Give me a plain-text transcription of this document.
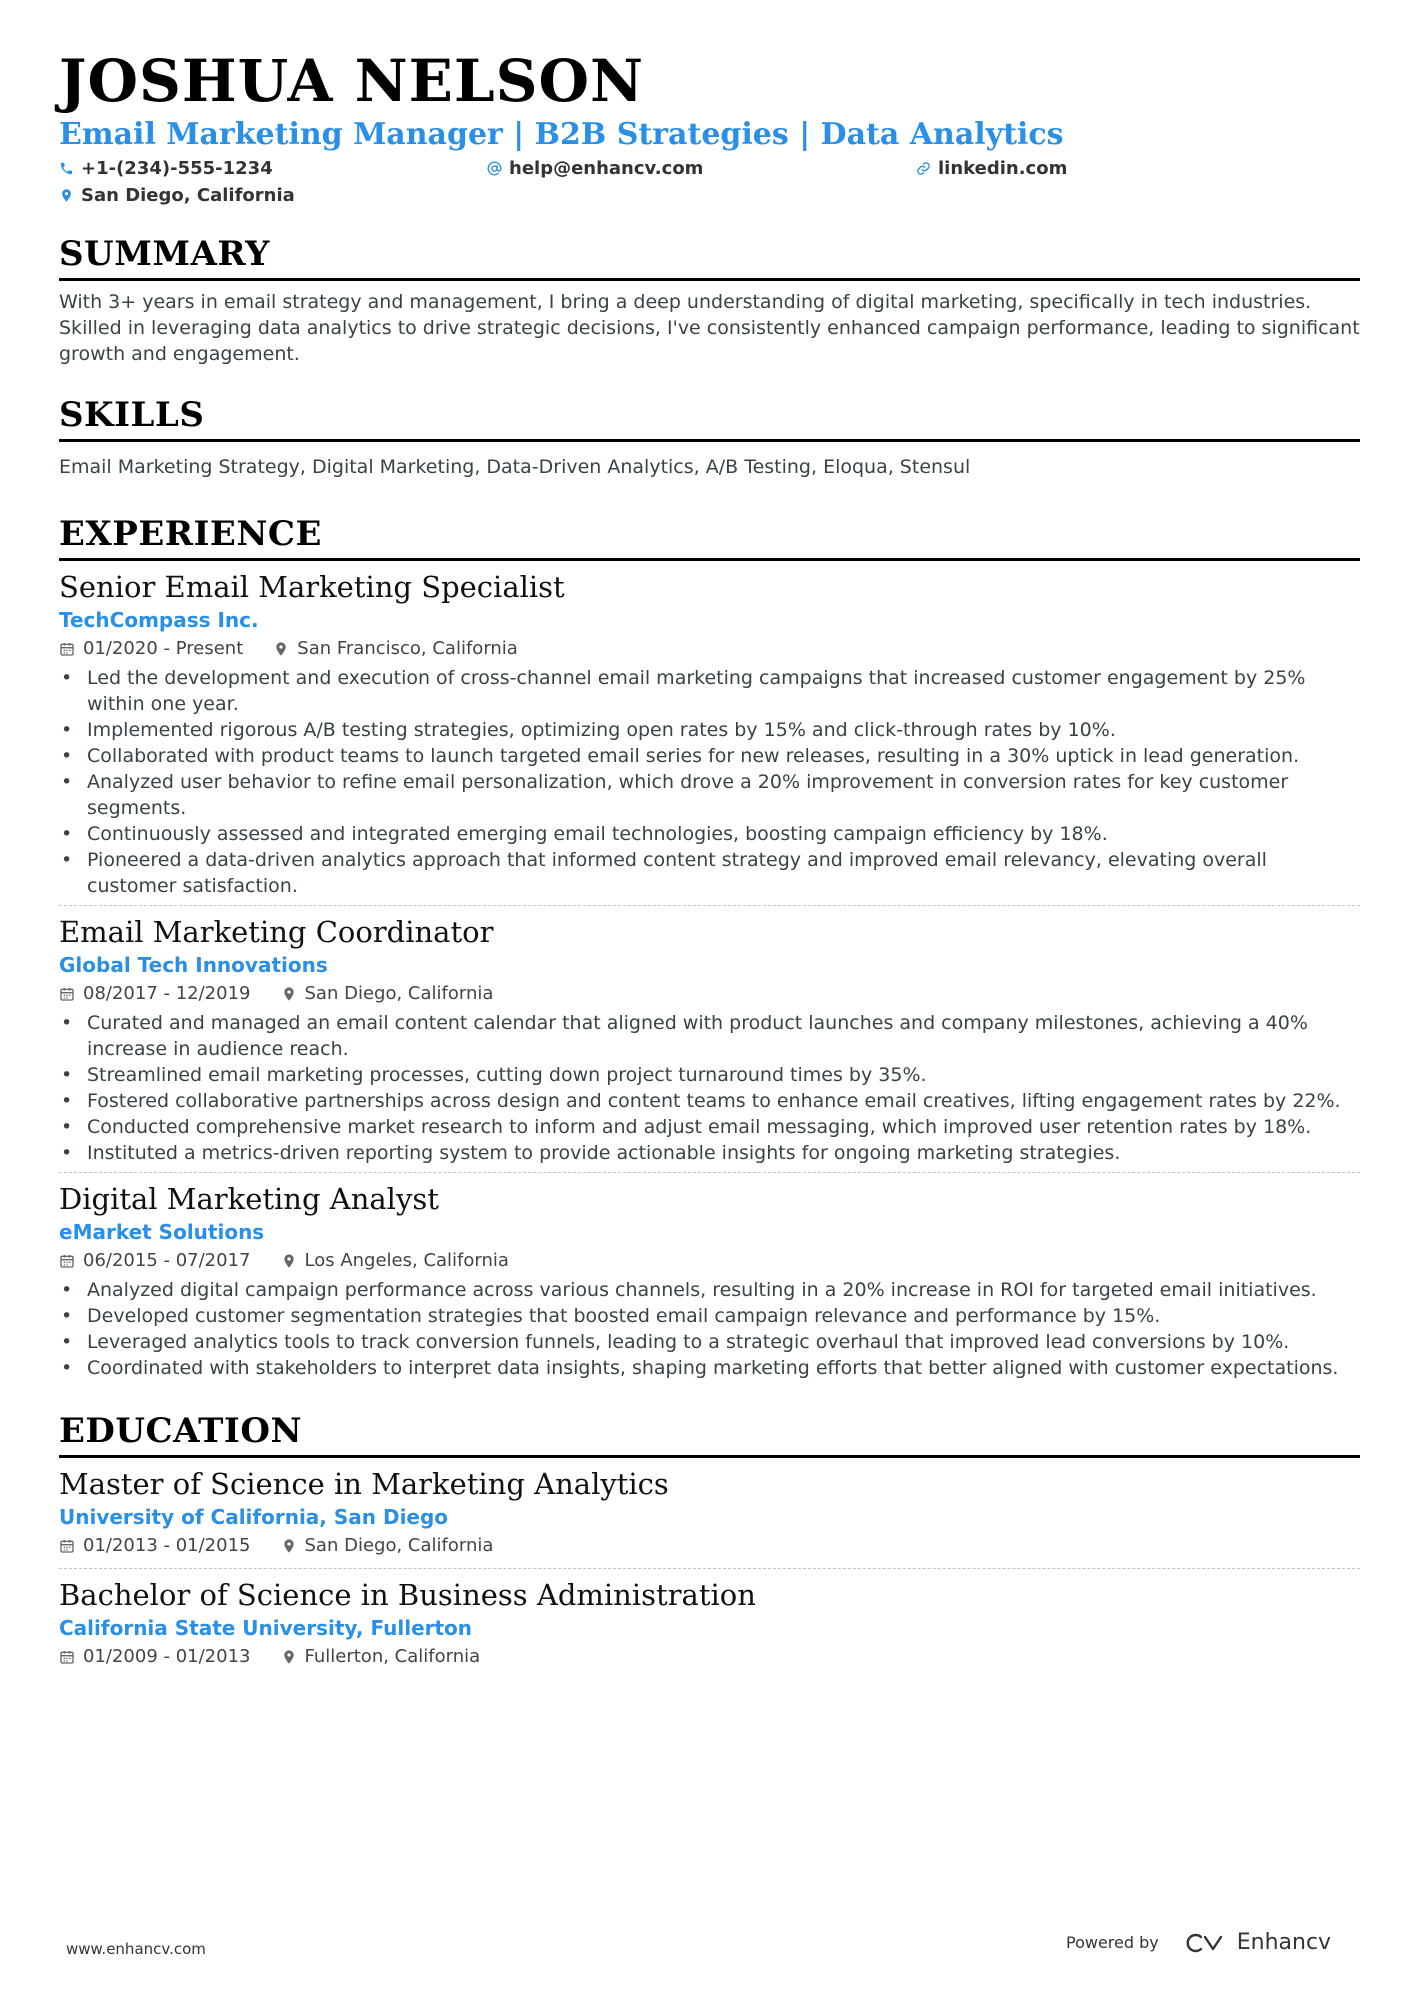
JOSHUA NELSON
Email Marketing Manager | B2B Strategies | Data Analytics
+1-(234)-555-1234	help@enhancv.com	linkedin.com
San Diego, California
SUMMARY

With 3+ years in email strategy and management, I bring a deep understanding of digital marketing, specifically in tech industries. Skilled in leveraging data analytics to drive strategic decisions, I've consistently enhanced campaign performance, leading to significant growth and engagement.

SKILLS

Email Marketing Strategy, Digital Marketing, Data-Driven Analytics, A/B Testing, Eloqua, Stensul

EXPERIENCE
Senior Email Marketing Specialist
TechCompass Inc.
01/2020 - Present	San Francisco, California
• Led the development and execution of cross-channel email marketing campaigns that increased customer engagement by 25% within one year.
• Implemented rigorous A/B testing strategies, optimizing open rates by 15% and click-through rates by 10%.
• Collaborated with product teams to launch targeted email series for new releases, resulting in a 30% uptick in lead generation.
• Analyzed user behavior to refine email personalization, which drove a 20% improvement in conversion rates for key customer segments.
• Continuously assessed and integrated emerging email technologies, boosting campaign efficiency by 18%.
• Pioneered a data-driven analytics approach that informed content strategy and improved email relevancy, elevating overall customer satisfaction.
Email Marketing Coordinator
Global Tech Innovations
08/2017 - 12/2019	San Diego, California
• Curated and managed an email content calendar that aligned with product launches and company milestones, achieving a 40% increase in audience reach.
• Streamlined email marketing processes, cutting down project turnaround times by 35%.
• Fostered collaborative partnerships across design and content teams to enhance email creatives, lifting engagement rates by 22%.
• Conducted comprehensive market research to inform and adjust email messaging, which improved user retention rates by 18%.
• Instituted a metrics-driven reporting system to provide actionable insights for ongoing marketing strategies.
Digital Marketing Analyst
eMarket Solutions
06/2015 - 07/2017	Los Angeles, California
• Analyzed digital campaign performance across various channels, resulting in a 20% increase in ROI for targeted email initiatives.
• Developed customer segmentation strategies that boosted email campaign relevance and performance by 15%.
• Leveraged analytics tools to track conversion funnels, leading to a strategic overhaul that improved lead conversions by 10%.
• Coordinated with stakeholders to interpret data insights, shaping marketing efforts that better aligned with customer expectations.
EDUCATION
Master of Science in Marketing Analytics
University of California, San Diego
01/2013 - 01/2015	San Diego, California
Bachelor of Science in Business Administration
California State University, Fullerton
01/2009 - 01/2013	Fullerton, California
www.enhancv.com	Powered by	Enhancv
